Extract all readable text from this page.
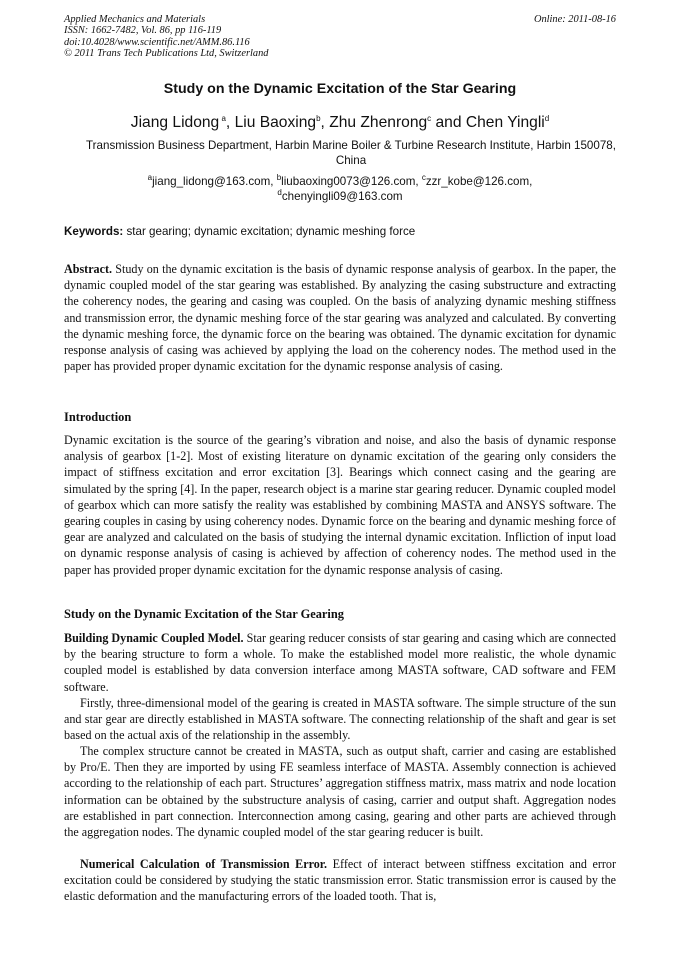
Applied Mechanics and Materials
ISSN: 1662-7482, Vol. 86, pp 116-119
doi:10.4028/www.scientific.net/AMM.86.116
© 2011 Trans Tech Publications Ltd, Switzerland
Online: 2011-08-16
Study on the Dynamic Excitation of the Star Gearing
Jiang Lidong $^a$, Liu Baoxing$^b$, Zhu Zhenrong$^c$ and Chen Yingli$^d$
Transmission Business Department, Harbin Marine Boiler & Turbine Research Institute, Harbin 150078, China
$^a$jiang_lidong@163.com, $^b$liubaoxing0073@126.com, $^c$zzr_kobe@126.com,
$^d$chenyingli09@163.com
Keywords: star gearing; dynamic excitation; dynamic meshing force
Abstract. Study on the dynamic excitation is the basis of dynamic response analysis of gearbox. In the paper, the dynamic coupled model of the star gearing was established. By analyzing the casing substructure and extracting the coherency nodes, the gearing and casing was coupled. On the basis of analyzing dynamic meshing stiffness and transmission error, the dynamic meshing force of the star gearing was analyzed and calculated. By converting the dynamic meshing force, the dynamic force on the bearing was obtained. The dynamic excitation for dynamic response analysis of casing was achieved by applying the load on the coherency nodes. The method used in the paper has provided proper dynamic excitation for the dynamic response analysis of casing.
Introduction
Dynamic excitation is the source of the gearing’s vibration and noise, and also the basis of dynamic response analysis of gearbox [1-2]. Most of existing literature on dynamic excitation of the gearing only considers the impact of stiffness excitation and error excitation [3]. Bearings which connect casing and the gearing are simulated by the spring [4]. In the paper, research object is a marine star gearing reducer. Dynamic coupled model of gearbox which can more satisfy the reality was established by combining MASTA and ANSYS software. The gearing couples in casing by using coherency nodes. Dynamic force on the bearing and dynamic meshing force of gear are analyzed and calculated on the basis of studying the internal dynamic excitation. Infliction of input load on dynamic response analysis of casing is achieved by affection of coherency nodes. The method used in the paper has provided proper dynamic excitation for the dynamic response analysis of casing.
Study on the Dynamic Excitation of the Star Gearing
Building Dynamic Coupled Model. Star gearing reducer consists of star gearing and casing which are connected by the bearing structure to form a whole. To make the established model more realistic, the whole dynamic coupled model is established by data conversion interface among MASTA software, CAD software and FEM software.
Firstly, three-dimensional model of the gearing is created in MASTA software. The simple structure of the sun and star gear are directly established in MASTA software. The connecting relationship of the shaft and gear is set based on the actual axis of the relationship in the assembly.
The complex structure cannot be created in MASTA, such as output shaft, carrier and casing are established by Pro/E. Then they are imported by using FE seamless interface of MASTA. Assembly connection is achieved according to the relationship of each part. Structures’ aggregation stiffness matrix, mass matrix and node location information can be obtained by the substructure analysis of casing, carrier and output shaft. Aggregation nodes are established in part connection. Interconnection among casing, gearing and other parts are achieved through the aggregation nodes. The dynamic coupled model of the star gearing reducer is built.
Numerical Calculation of Transmission Error. Effect of interact between stiffness excitation and error excitation could be considered by studying the static transmission error. Static transmission error is caused by the elastic deformation and the manufacturing errors of the loaded tooth. That is,
